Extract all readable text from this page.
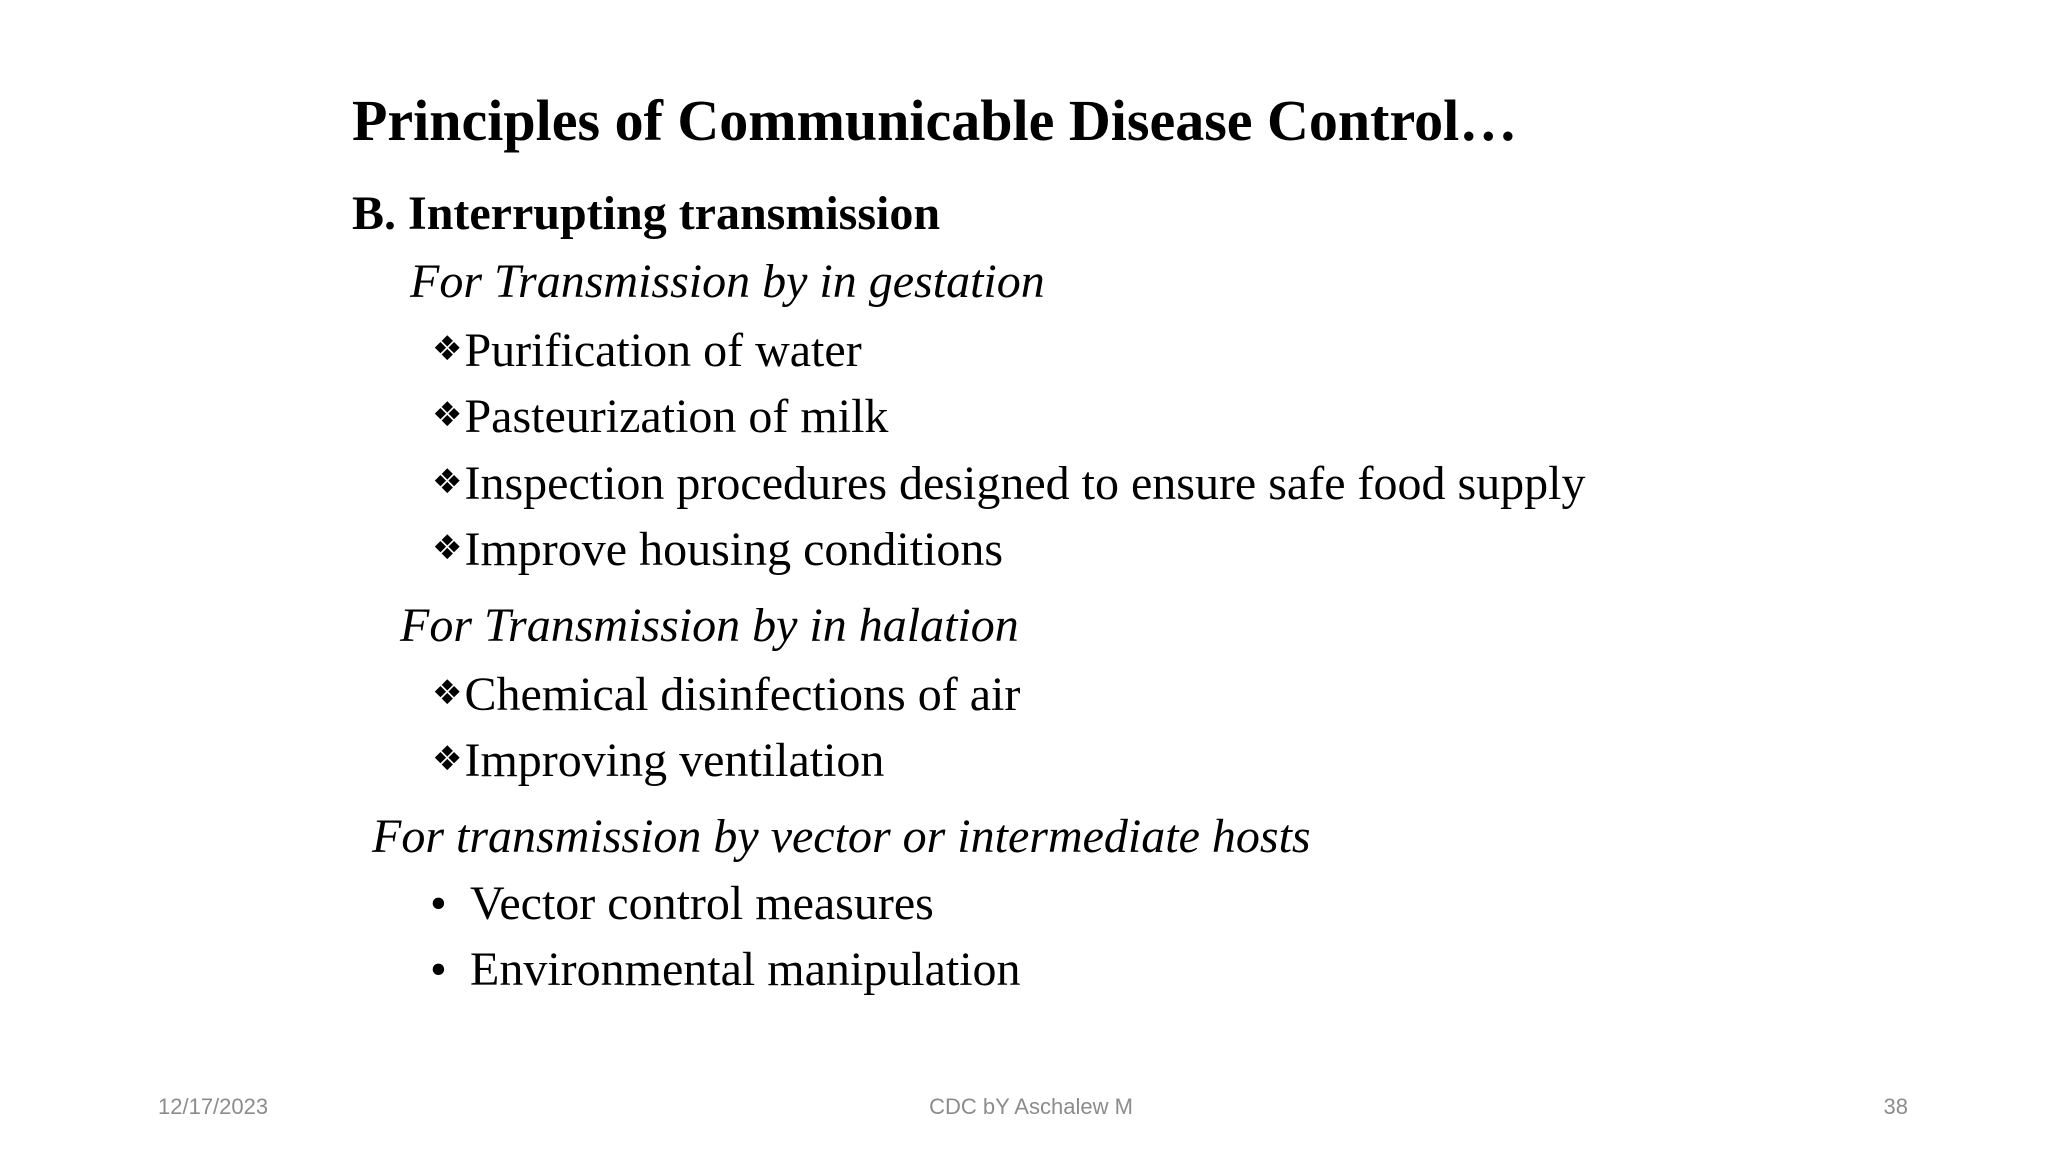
Principles of Communicable Disease Control…
B. Interrupting transmission
For Transmission by in gestation
❖Purification of water
❖Pasteurization of milk
❖Inspection procedures designed to ensure safe food supply
❖Improve housing conditions
For Transmission by in halation
❖Chemical disinfections of air
❖Improving ventilation
For transmission by vector or intermediate hosts
• Vector control measures
• Environmental manipulation
12/17/2023	CDC bY Aschalew M	38
